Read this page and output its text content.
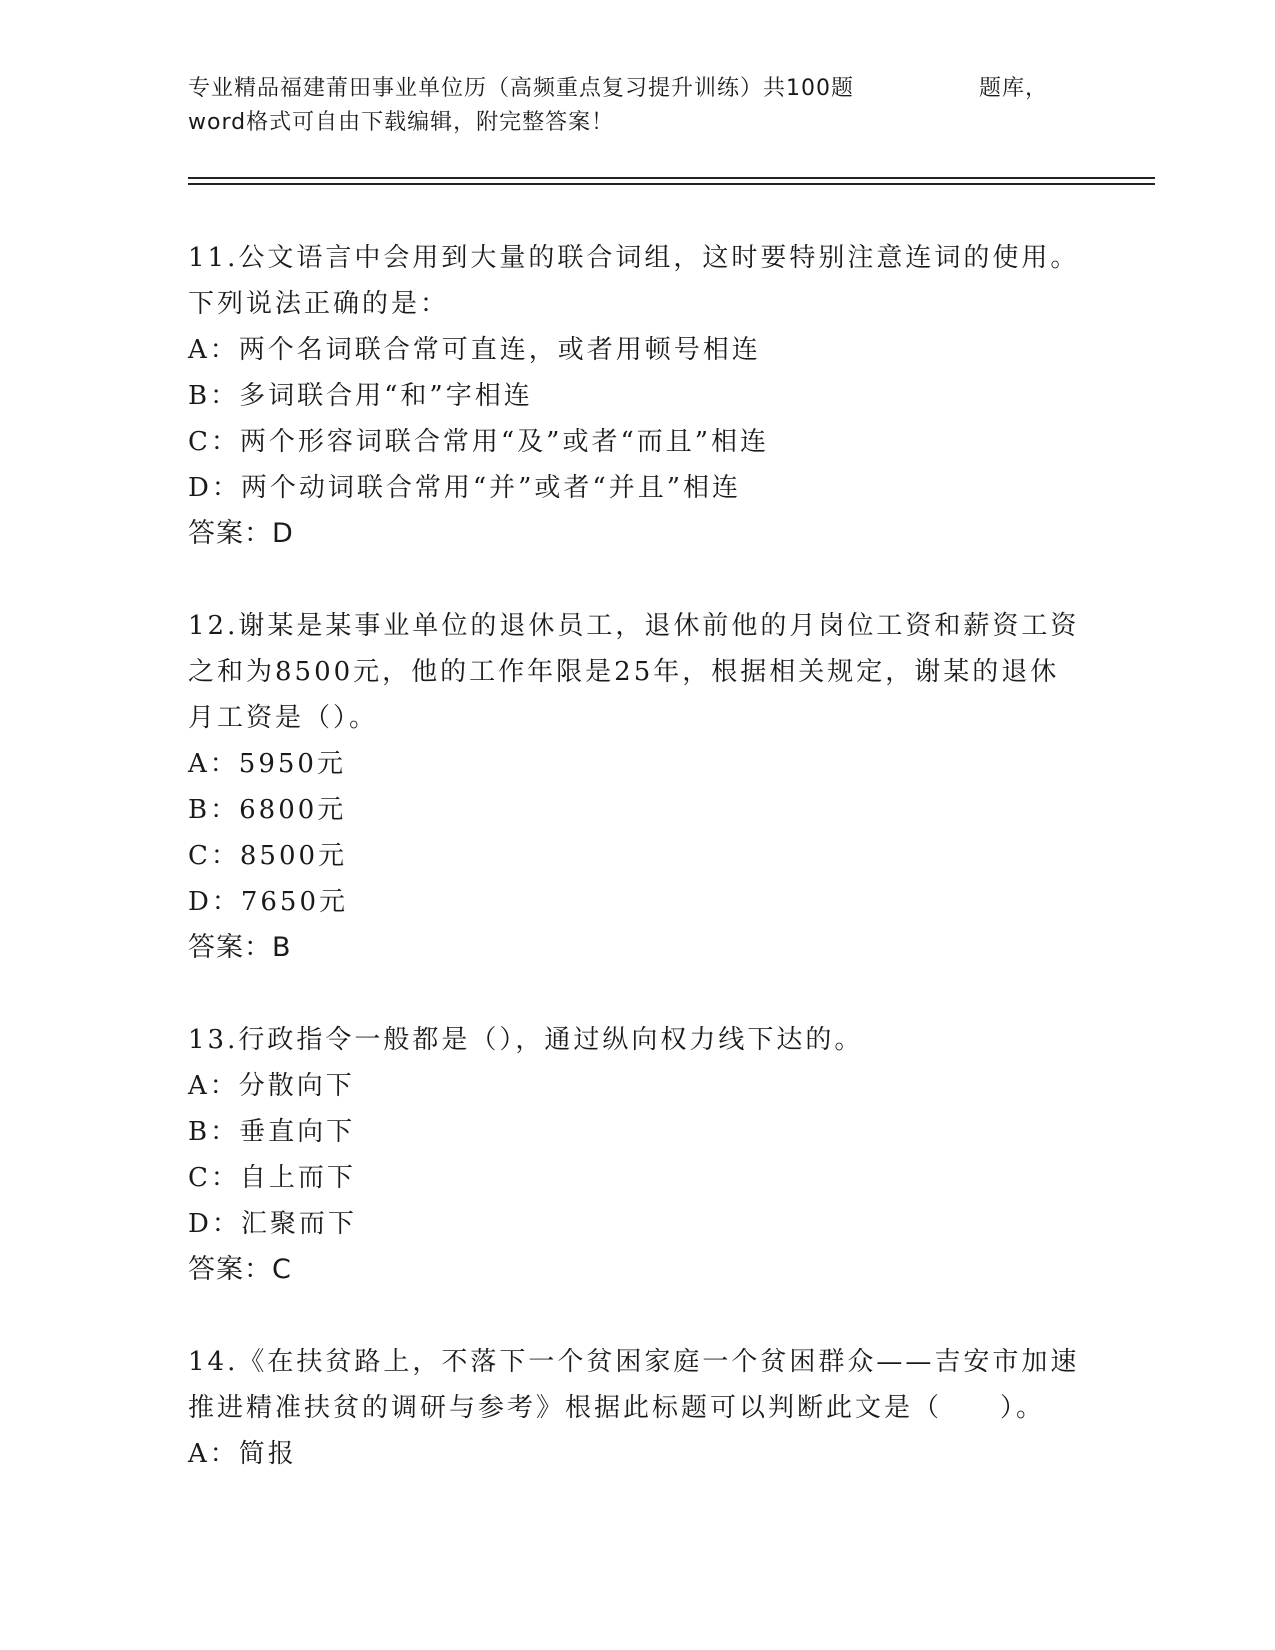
专业精品福建莆田事业单位历（高频重点复习提升训练）共100题	题库，
word格式可自由下载编辑，附完整答案！
11.公文语言中会用到大量的联合词组，这时要特别注意连词的使用。下列说法正确的是：
A：两个名词联合常可直连，或者用顿号相连
B：多词联合用“和”字相连
C：两个形容词联合常用“及”或者“而且”相连
D：两个动词联合常用“并”或者“并且”相连
答案：D
12.谢某是某事业单位的退休员工，退休前他的月岗位工资和薪资工资之和为8500元，他的工作年限是25年，根据相关规定，谢某的退休月工资是（）。
A：5950元
B：6800元
C：8500元
D：7650元
答案：B
13.行政指令一般都是（），通过纵向权力线下达的。
A：分散向下
B：垂直向下
C：自上而下
D：汇聚而下
答案：C
14.《在扶贫路上，不落下一个贫困家庭一个贫困群众——吉安市加速推进精准扶贫的调研与参考》根据此标题可以判断此文是（　　）。
A：简报
